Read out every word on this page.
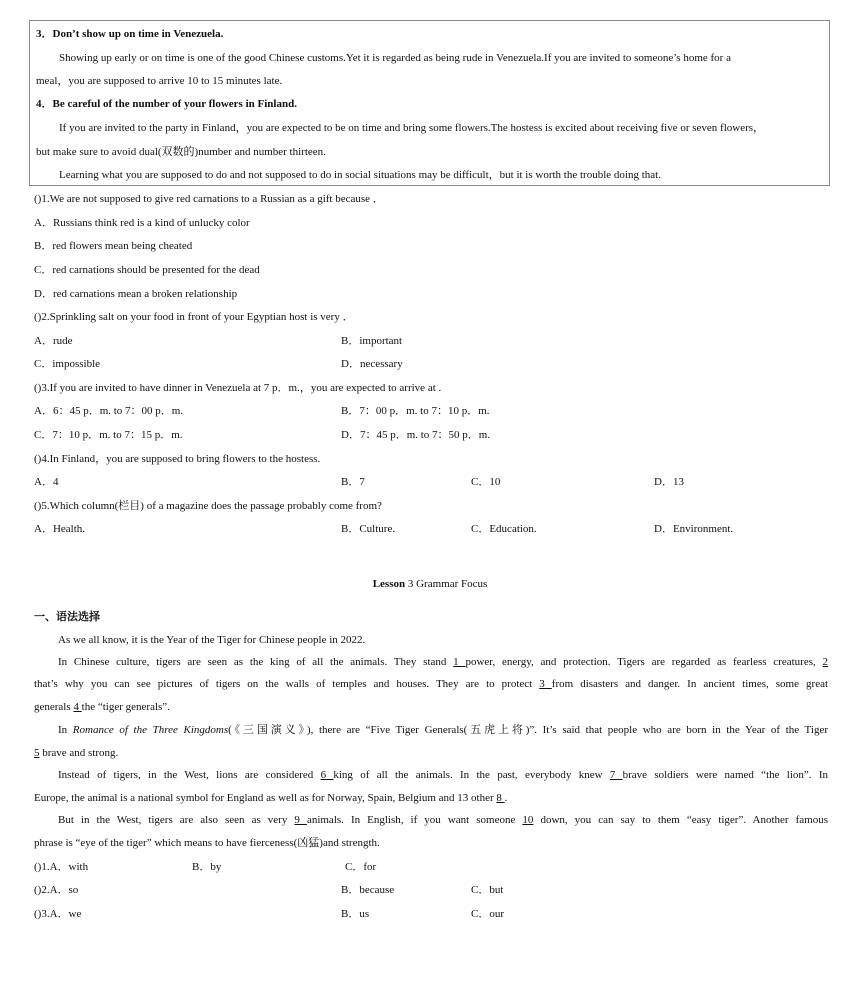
3．Don’t show up on time in Venezuela.
Showing up early or on time is one of the good Chinese customs.Yet it is regarded as being rude in Venezuela.If you are invited to someone’s home for a
meal，you are supposed to arrive 10 to 15 minutes late.
4．Be careful of the number of your flowers in Finland.
If you are invited to the party in Finland，you are expected to be on time and bring some flowers.The hostess is excited about receiving five or seven flowers，
but make sure to avoid dual(双数的)number and number thirteen.
Learning what you are supposed to do and not supposed to do in social situations may be difficult，but it is worth the trouble doing that.
()1.We are not supposed to give red carnations to a Russian as a gift because ．
A．Russians think red is a kind of unlucky color
B．red flowers mean being cheated
C．red carnations should be presented for the dead
D．red carnations mean a broken relationship
()2.Sprinkling salt on your food in front of your Egyptian host is very ．
A．rude	B．important
C．impossible	D．necessary
()3.If you are invited to have dinner in Venezuela at 7 p．m.，you are expected to arrive at .
A．6：45 p．m. to 7：00 p．m.	B．7：00 p．m. to 7：10 p．m.
C．7：10 p．m. to 7：15 p．m.	D．7：45 p．m. to 7：50 p．m.
()4.In Finland，you are supposed to bring flowers to the hostess.
A．4	B．7	C．10	D．13
()5.Which column(栏目) of a magazine does the passage probably come from?
A．Health.	B．Culture.	C．Education.	D．Environment.
Lesson 3 Grammar Focus
一、语法选择
As we all know, it is the Year of the Tiger for Chinese people in 2022.
In Chinese culture, tigers are seen as the king of all the animals. They stand 1 power, energy, and protection. Tigers are regarded as fearless creatures, 2
that’s why you can see pictures of tigers on the walls of temples and houses. They are to protect 3 from disasters and danger. In ancient times, some great
generals 4 the “tiger generals”.
In Romance of the Three Kingdoms(《三国演义》), there are “Five Tiger Generals(五虎上将)”. It’s said that people who are born in the Year of the Tiger
5 brave and strong.
Instead of tigers, in the West, lions are considered 6 king of all the animals. In the past, everybody knew 7 brave soldiers were named “the lion”. In
Europe, the animal is a national symbol for England as well as for Norway, Spain, Belgium and 13 other 8 .
But in the West, tigers are also seen as very 9 animals. In English, if you want someone 10 down, you can say to them “easy tiger”. Another famous
phrase is “eye of the tiger” which means to have fierceness(凶猛)and strength.
()1.A．with	B．by	C．for
()2.A．so	B．because	C．but
()3.A．we	B．us	C．our
